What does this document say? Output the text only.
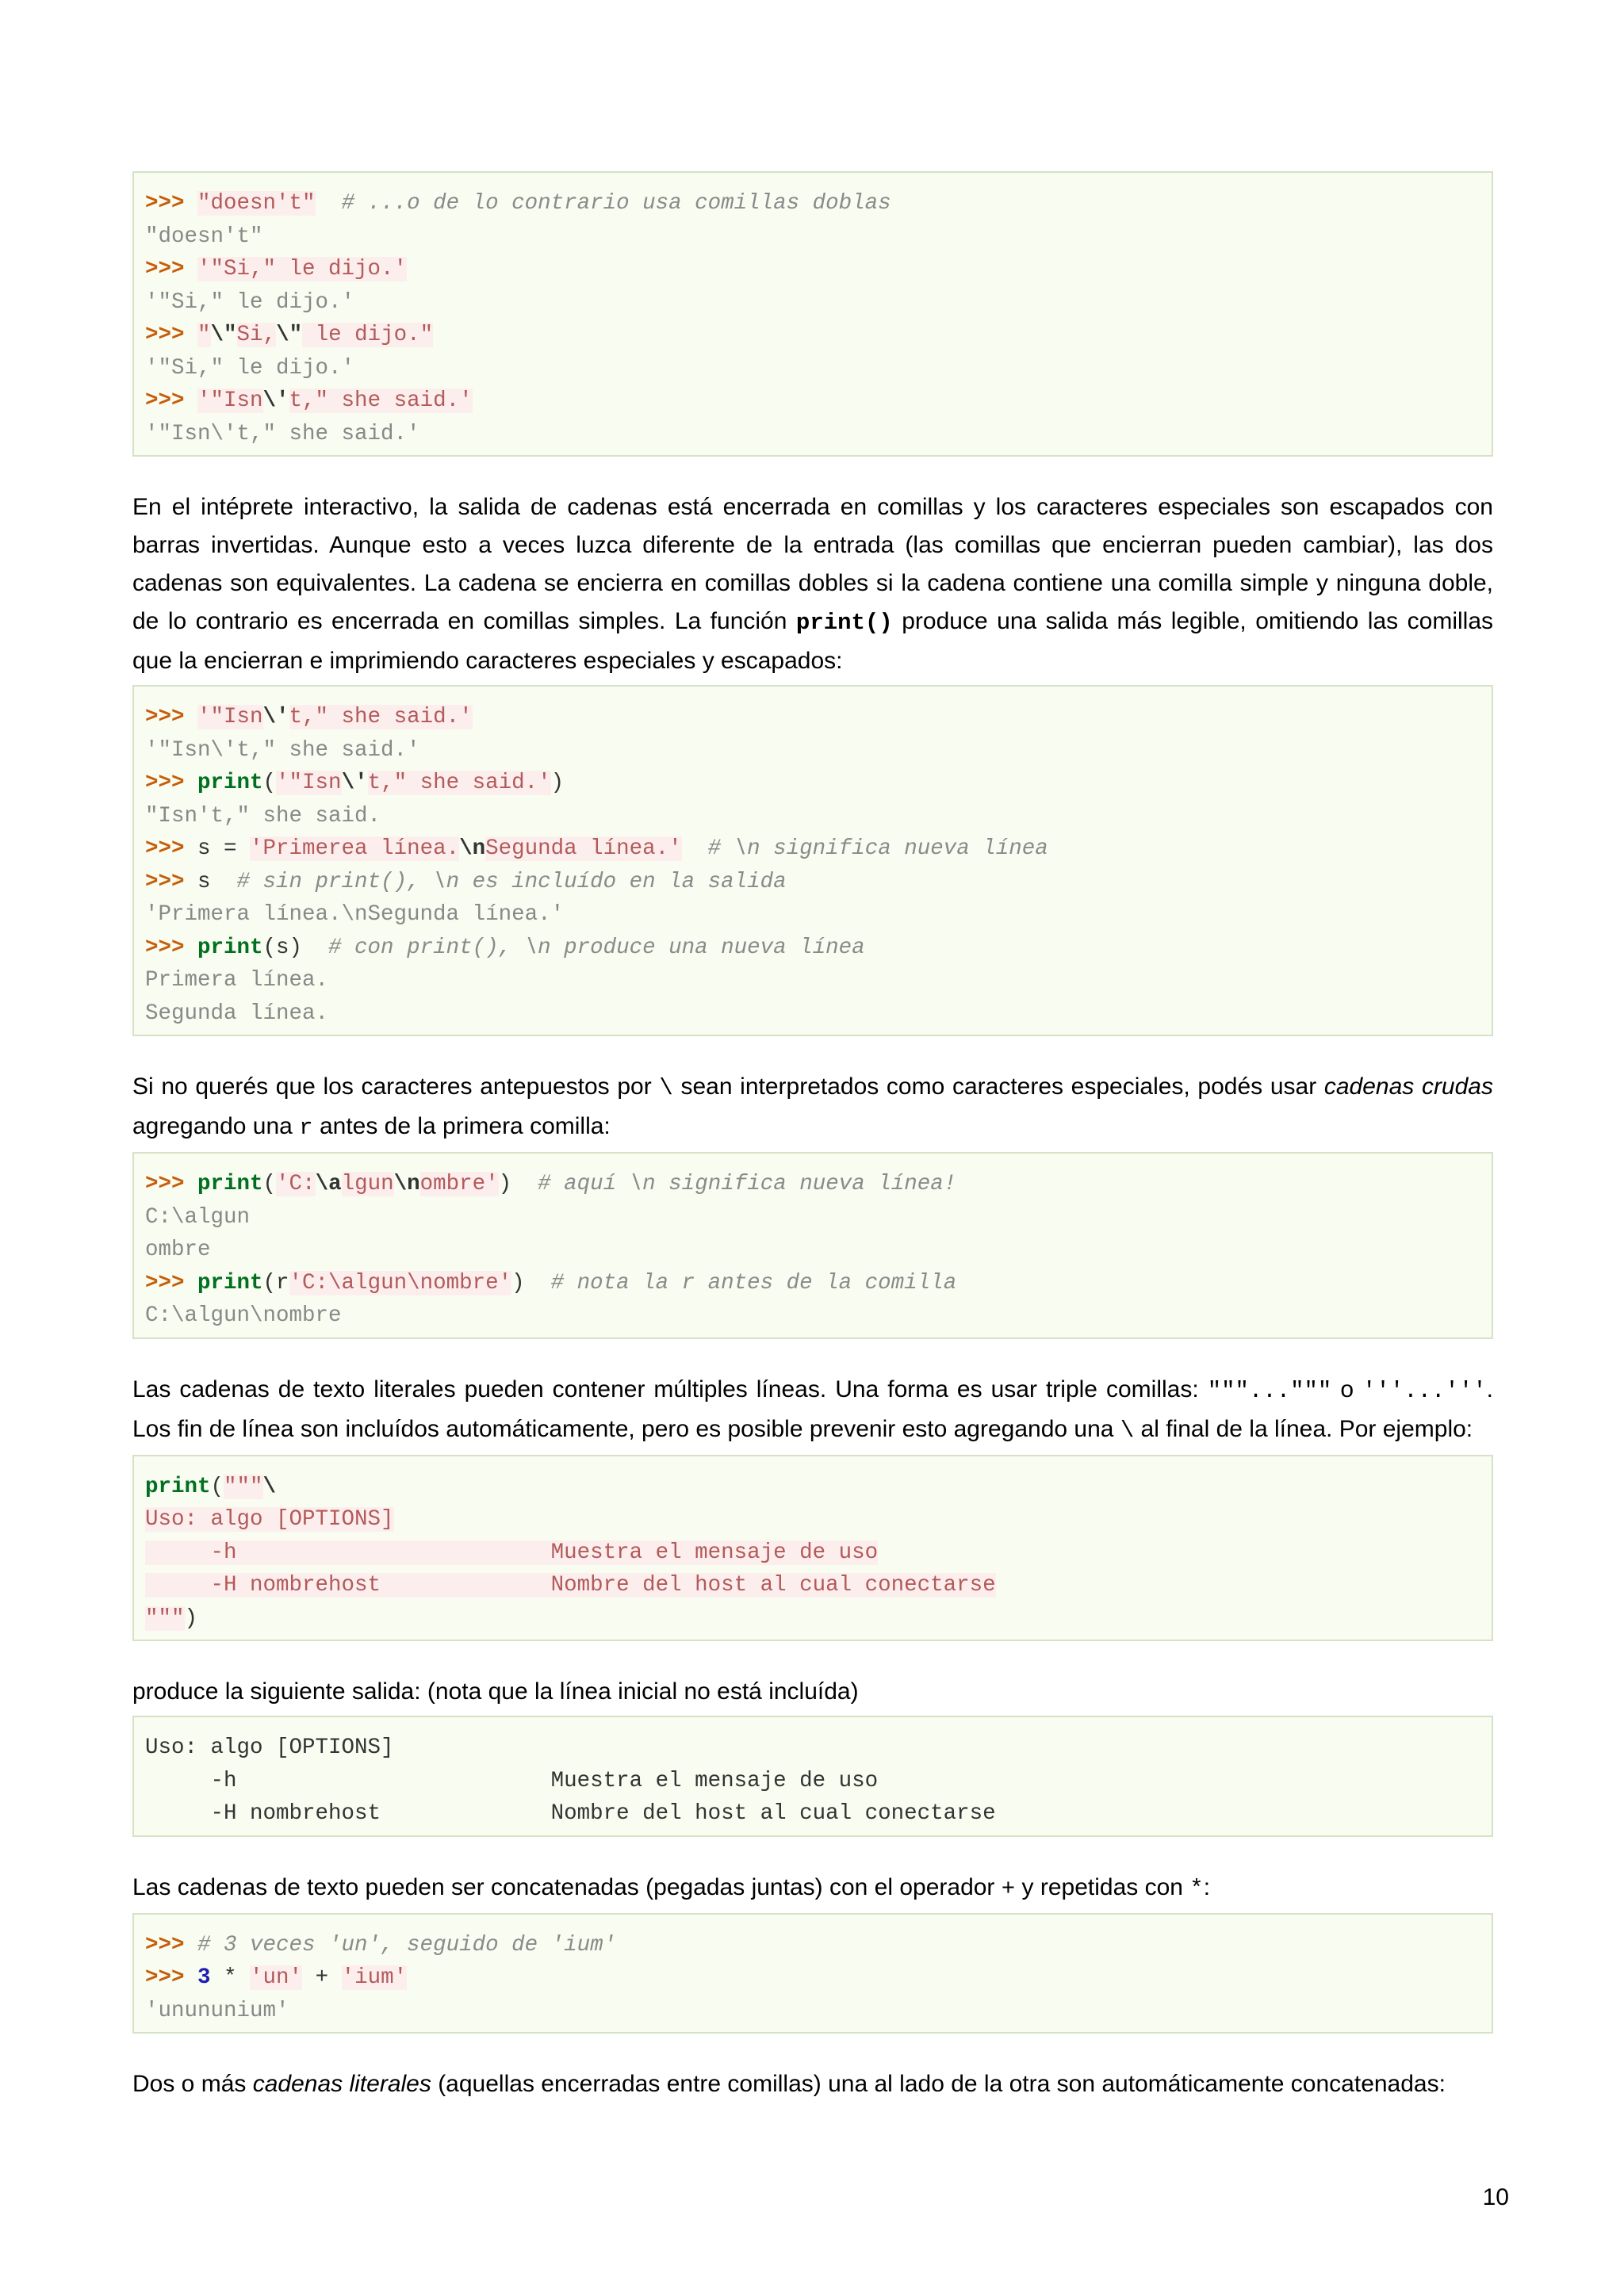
>>> "doesn't" # ...o de lo contrario usa comillas doblas
"doesn't"
>>> '"Si," le dijo.'
'"Si," le dijo.'
>>> "\"Si,\" le dijo."
'"Si," le dijo.'
>>> '"Isn\'t," she said.'
'"Isn\'t," she said.'

En el intéprete interactivo, la salida de cadenas está encerrada en comillas y los caracteres especiales son escapados con barras invertidas. Aunque esto a veces luzca diferente de la entrada (las comillas que encierran pueden cambiar), las dos cadenas son equivalentes. La cadena se encierra en comillas dobles si la cadena contiene una comilla simple y ninguna doble, de lo contrario es encerrada en comillas simples. La función print() produce una salida más legible, omitiendo las comillas que la encierran e imprimiendo caracteres especiales y escapados:

>>> '"Isn\'t," she said.'
'"Isn\'t," she said.'
>>> print('"Isn\'t," she said.')
"Isn't," she said.
>>> s = 'Primerea línea.\nSegunda línea.' # \n significa nueva línea
>>> s  # sin print(), \n es incluído en la salida
'Primera línea.\nSegunda línea.'
>>> print(s)  # con print(), \n produce una nueva línea
Primera línea.
Segunda línea.

Si no querés que los caracteres antepuestos por \ sean interpretados como caracteres especiales, podés usar cadenas crudas agregando una r antes de la primera comilla:

>>> print('C:\algun\nombre')  # aquí \n significa nueva línea!
C:\algun
ombre
>>> print(r'C:\algun\nombre')  # nota la r antes de la comilla
C:\algun\nombre

Las cadenas de texto literales pueden contener múltiples líneas. Una forma es usar triple comillas: """...""" o '''...'''. Los fin de línea son incluídos automáticamente, pero es posible prevenir esto agregando una \ al final de la línea. Por ejemplo:

print("""\
Uso: algo [OPTIONS]
-h                        Muestra el mensaje de uso
-H nombrehost             Nombre del host al cual conectarse
""")

produce la siguiente salida: (nota que la línea inicial no está incluída)

Uso: algo [OPTIONS]
-h                        Muestra el mensaje de uso
-H nombrehost             Nombre del host al cual conectarse

Las cadenas de texto pueden ser concatenadas (pegadas juntas) con el operador + y repetidas con *:

>>> # 3 veces 'un', seguido de 'ium'
>>> 3 * 'un' + 'ium'
'unununium'

Dos o más cadenas literales (aquellas encerradas entre comillas) una al lado de la otra son automáticamente concatenadas:

10
